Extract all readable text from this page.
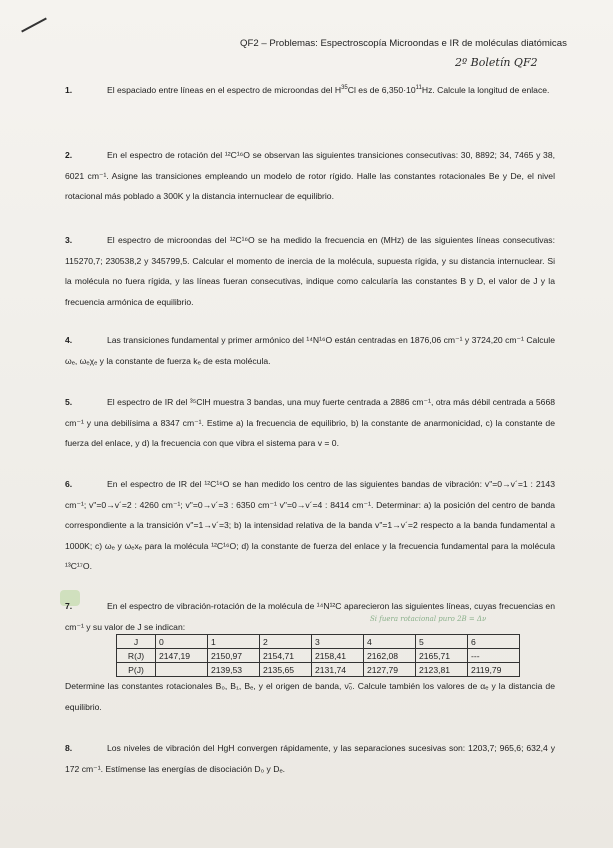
QF2 – Problemas: Espectroscopía Microondas e IR de moléculas diatómicas
2º Boletín QF2
1.	El espaciado entre líneas en el espectro de microondas del $H^{35}Cl$ es de $6,350\cdot 10^{11}Hz$. Calcule la longitud de enlace.
2.	En el espectro de rotación del ¹²C¹⁶O se observan las siguientes transiciones consecutivas: 30, 8892; 34, 7465 y 38, 6021 cm⁻¹. Asigne las transiciones empleando un modelo de rotor rígido. Halle las constantes rotacionales Be y De, el nivel rotacional más poblado a 300K y la distancia internuclear de equilibrio.
3.	El espectro de microondas del ¹²C¹⁶O se ha medido la frecuencia en (MHz) de las siguientes líneas consecutivas: 115270,7; 230538,2 y 345799,5. Calcular el momento de inercia de la molécula, supuesta rígida, y su distancia internuclear. Si la molécula no fuera rígida, y las líneas fueran consecutivas, indique como calcularía las constantes B y D, el valor de J y la frecuencia armónica de equilibrio.
4.	Las transiciones fundamental y primer armónico del ¹⁴N¹⁶O están centradas en 1876,06 cm⁻¹ y 3724,20 cm⁻¹ Calcule ωₑ, ωₑχₑ y la constante de fuerza kₑ de esta molécula.
5.	El espectro de IR del ³⁵ClH muestra 3 bandas, una muy fuerte centrada a 2886 cm⁻¹, otra más débil centrada a 5668 cm⁻¹ y una debilísima a 8347 cm⁻¹. Estime a) la frecuencia de equilibrio, b) la constante de anarmonicidad, c) la constante de fuerza del enlace, y d) la frecuencia con que vibra el sistema para v = 0.
6.	En el espectro de IR del ¹²C¹⁶O se han medido los centro de las siguientes bandas de vibración: v"=0→v´=1 : 2143 cm⁻¹; v"=0→v´=2 : 4260 cm⁻¹; v"=0→v´=3 : 6350 cm⁻¹ v"=0→v´=4 : 8414 cm⁻¹. Determinar: a) la posición del centro de banda correspondiente a la transición v"=1→v´=3; b) la intensidad relativa de la banda v"=1→v´=2 respecto a la banda fundamental a 1000K; c) ωₑ y ωₑxₑ para la molécula ¹²C¹⁶O; d) la constante de fuerza del enlace y la frecuencia fundamental para la molécula ¹³C¹⁷O.
7.	En el espectro de vibración-rotación de la molécula de ¹⁴N¹²C aparecieron las siguientes líneas, cuyas frecuencias en cm⁻¹ y su valor de J se indican:
Si fuera rotacional puro 2B = Δν
J	0	1	2	3	4	5	6
R(J)	2147,19	2150,97	2154,71	2158,41	2162,08	2165,71	---
P(J)		2139,53	2135,65	2131,74	2127,79	2123,81	2119,79
Determine las constantes rotacionales B₀, B₁, Bₑ, y el origen de banda, ν̃₀. Calcule también los valores de αₑ y la distancia de equilibrio.
8.	Los niveles de vibración del HgH convergen rápidamente, y las separaciones sucesivas son: 1203,7; 965,6; 632,4 y 172 cm⁻¹. Estímense las energías de disociación D₀ y Dₑ.
